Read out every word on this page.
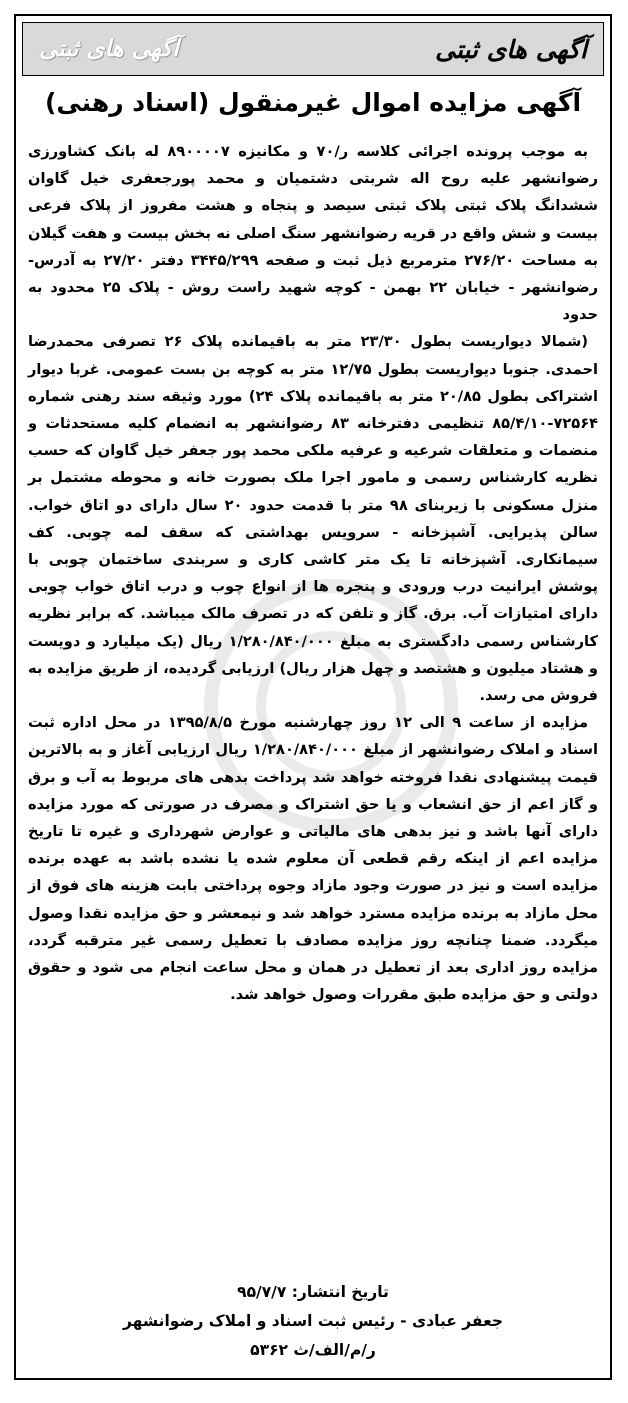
آگهی های ثبتی
آگهی های ثبتی
آگهی مزایده اموال غیرمنقول (اسناد رهنی)

به موجب پرونده اجرائی کلاسه ر/۷۰ و مکانیزه ۸۹۰۰۰۰۷ له بانک کشاورزی رضوانشهر علیه روح اله شربتی دشتمیان و محمد پورجعفری خیل گاوان ششدانگ پلاک ثبتی پلاک ثبتی سیصد و پنجاه و هشت مفروز از پلاک فرعی بیست و شش واقع در قریه رضوانشهر سنگ اصلی نه بخش بیست و هفت گیلان به مساحت ۲۷۶/۲۰ مترمربع ذیل ثبت و صفحه ۳۴۴۵/۲۹۹ دفتر ۲۷/۲۰ به آدرس- رضوانشهر - خیابان ۲۲ بهمن - کوچه شهید راست روش - پلاک ۲۵ محدود به حدود

(شمالا دیواریست بطول ۲۳/۳۰ متر به باقیمانده پلاک ۲۶ تصرفی محمدرضا احمدی. جنوبا دیواریست بطول ۱۲/۷۵ متر به کوچه بن بست عمومی. غربا دیوار اشتراکی بطول ۲۰/۸۵ متر به باقیمانده پلاک ۲۴) مورد وثیقه سند رهنی شماره ۷۲۵۶۴-۸۵/۴/۱۰ تنظیمی دفترخانه ۸۳ رضوانشهر به انضمام کلیه مستحدثات و منضمات و متعلقات شرعیه و عرفیه ملکی محمد پور جعفر خیل گاوان که حسب نظریه کارشناس رسمی و مامور اجرا ملک بصورت خانه و محوطه مشتمل بر منزل مسکونی با زیربنای ۹۸ متر با قدمت حدود ۲۰ سال دارای دو اتاق خواب. سالن پذیرایی. آشپزخانه - سرویس بهداشتی که سقف لمه چوبی. کف سیمانکاری. آشپزخانه تا یک متر کاشی کاری و سربندی ساختمان چوبی با پوشش ایرانیت درب ورودی و پنجره ها از انواع چوب و درب اتاق خواب چوبی دارای امتیازات آب. برق. گاز و تلفن که در تصرف مالک میباشد. که برابر نظریه کارشناس رسمی دادگستری به مبلغ ۱/۲۸۰/۸۴۰/۰۰۰ ریال (یک میلیارد و دویست و هشتاد میلیون و هشتصد و چهل هزار ریال) ارزیابی گردیده، از طریق مزایده به فروش می رسد.

مزایده از ساعت ۹ الی ۱۲ روز چهارشنبه مورخ ۱۳۹۵/۸/۵ در محل اداره ثبت اسناد و املاک رضوانشهر از مبلغ ۱/۲۸۰/۸۴۰/۰۰۰ ریال ارزیابی آغاز و به بالاترین قیمت پیشنهادی نقدا فروخته خواهد شد پرداخت بدهی های مربوط به آب و برق و گاز اعم از حق انشعاب و یا حق اشتراک و مصرف در صورتی که مورد مزایده دارای آنها باشد و نیز بدهی های مالیاتی و عوارض شهرداری و غیره تا تاریخ مزایده اعم از اینکه رقم قطعی آن معلوم شده یا نشده باشد به عهده برنده مزایده است و نیز در صورت وجود مازاد وجوه پرداختی بابت هزینه های فوق از محل مازاد به برنده مزایده مسترد خواهد شد و نیمعشر و حق مزایده نقدا وصول میگردد. ضمنا چنانچه روز مزایده مصادف با تعطیل رسمی غیر مترقبه گردد، مزایده روز اداری بعد از تعطیل در همان و محل ساعت انجام می شود و حقوق دولتی و حق مزایده طبق مقررات وصول خواهد شد.

تاریخ انتشار: ۹۵/۷/۷
جعفر عبادی - رئیس ثبت اسناد و املاک رضوانشهر
ر/م/الف/ث ۵۳۶۲
